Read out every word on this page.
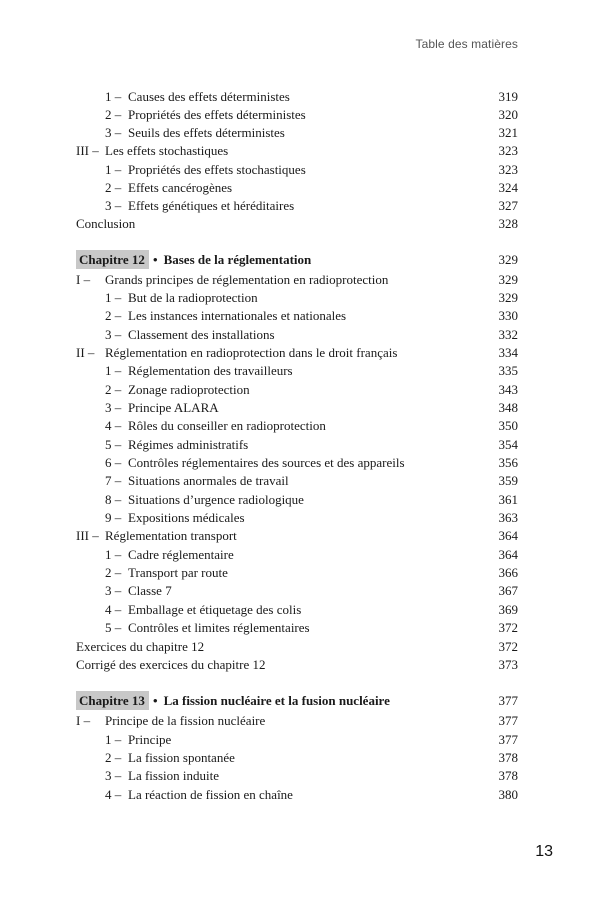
Table des matières
1 – Causes des effets déterministes	319
2 – Propriétés des effets déterministes	320
3 – Seuils des effets déterministes	321
III – Les effets stochastiques	323
1 – Propriétés des effets stochastiques	323
2 – Effets cancérogènes	324
3 – Effets génétiques et héréditaires	327
Conclusion	328
Chapitre 12 • Bases de la réglementation	329
I – Grands principes de réglementation en radioprotection	329
1 – But de la radioprotection	329
2 – Les instances internationales et nationales	330
3 – Classement des installations	332
II – Réglementation en radioprotection dans le droit français	334
1 – Réglementation des travailleurs	335
2 – Zonage radioprotection	343
3 – Principe ALARA	348
4 – Rôles du conseiller en radioprotection	350
5 – Régimes administratifs	354
6 – Contrôles réglementaires des sources et des appareils	356
7 – Situations anormales de travail	359
8 – Situations d’urgence radiologique	361
9 – Expositions médicales	363
III – Réglementation transport	364
1 – Cadre réglementaire	364
2 – Transport par route	366
3 – Classe 7	367
4 – Emballage et étiquetage des colis	369
5 – Contrôles et limites réglementaires	372
Exercices du chapitre 12	372
Corrigé des exercices du chapitre 12	373
Chapitre 13 • La fission nucléaire et la fusion nucléaire	377
I – Principe de la fission nucléaire	377
1 – Principe	377
2 – La fission spontanée	378
3 – La fission induite	378
4 – La réaction de fission en chaîne	380
13
